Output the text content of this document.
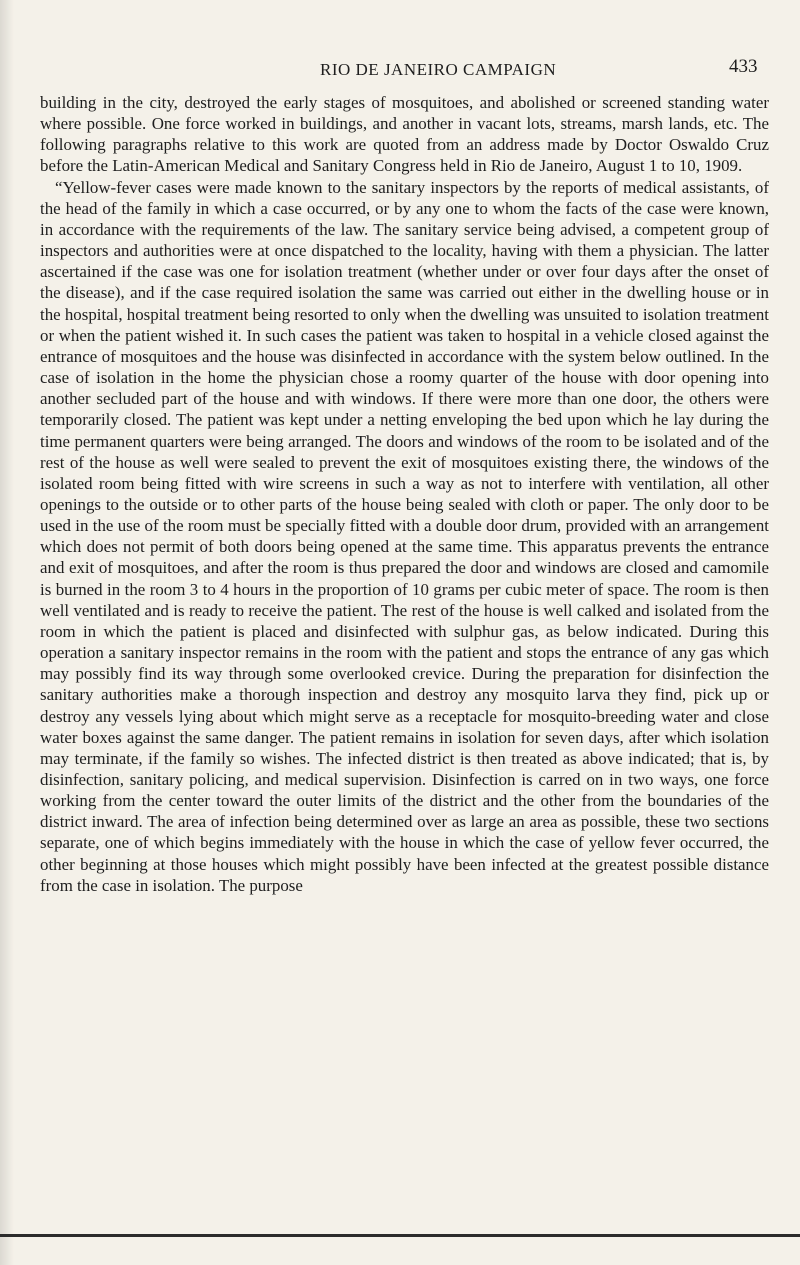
RIO DE JANEIRO CAMPAIGN	433

building in the city, destroyed the early stages of mosquitoes, and abolished or screened standing water where possible. One force worked in buildings, and another in vacant lots, streams, marsh lands, etc. The following paragraphs relative to this work are quoted from an address made by Doctor Oswaldo Cruz before the Latin-American Medical and Sanitary Congress held in Rio de Janeiro, August 1 to 10, 1909.

“Yellow-fever cases were made known to the sanitary inspectors by the reports of medical assistants, of the head of the family in which a case occurred, or by any one to whom the facts of the case were known, in accordance with the requirements of the law. The sanitary service being advised, a competent group of inspectors and authorities were at once dispatched to the locality, having with them a physician. The latter ascertained if the case was one for isolation treatment (whether under or over four days after the onset of the disease), and if the case required isolation the same was carried out either in the dwelling house or in the hospital, hospital treatment being resorted to only when the dwelling was unsuited to isolation treatment or when the patient wished it. In such cases the patient was taken to hospital in a vehicle closed against the entrance of mosquitoes and the house was disinfected in accordance with the system below outlined. In the case of isolation in the home the physician chose a roomy quarter of the house with door opening into another secluded part of the house and with windows. If there were more than one door, the others were temporarily closed. The patient was kept under a netting enveloping the bed upon which he lay during the time permanent quarters were being arranged. The doors and windows of the room to be isolated and of the rest of the house as well were sealed to prevent the exit of mosquitoes existing there, the windows of the isolated room being fitted with wire screens in such a way as not to interfere with ventilation, all other openings to the outside or to other parts of the house being sealed with cloth or paper. The only door to be used in the use of the room must be specially fitted with a double door drum, provided with an arrangement which does not permit of both doors being opened at the same time. This apparatus prevents the entrance and exit of mosquitoes, and after the room is thus prepared the door and windows are closed and camomile is burned in the room 3 to 4 hours in the proportion of 10 grams per cubic meter of space. The room is then well ventilated and is ready to receive the patient. The rest of the house is well calked and isolated from the room in which the patient is placed and disinfected with sulphur gas, as below indicated. During this operation a sanitary inspector remains in the room with the patient and stops the entrance of any gas which may possibly find its way through some overlooked crevice. During the preparation for disinfection the sanitary authorities make a thorough inspection and destroy any mosquito larva they find, pick up or destroy any vessels lying about which might serve as a receptacle for mosquito-breeding water and close water boxes against the same danger. The patient remains in isolation for seven days, after which isolation may terminate, if the family so wishes. The infected district is then treated as above indicated; that is, by disinfection, sanitary policing, and medical supervision. Disinfection is carred on in two ways, one force working from the center toward the outer limits of the district and the other from the boundaries of the district inward. The area of infection being determined over as large an area as possible, these two sections separate, one of which begins immediately with the house in which the case of yellow fever occurred, the other beginning at those houses which might possibly have been infected at the greatest possible distance from the case in isolation. The purpose
